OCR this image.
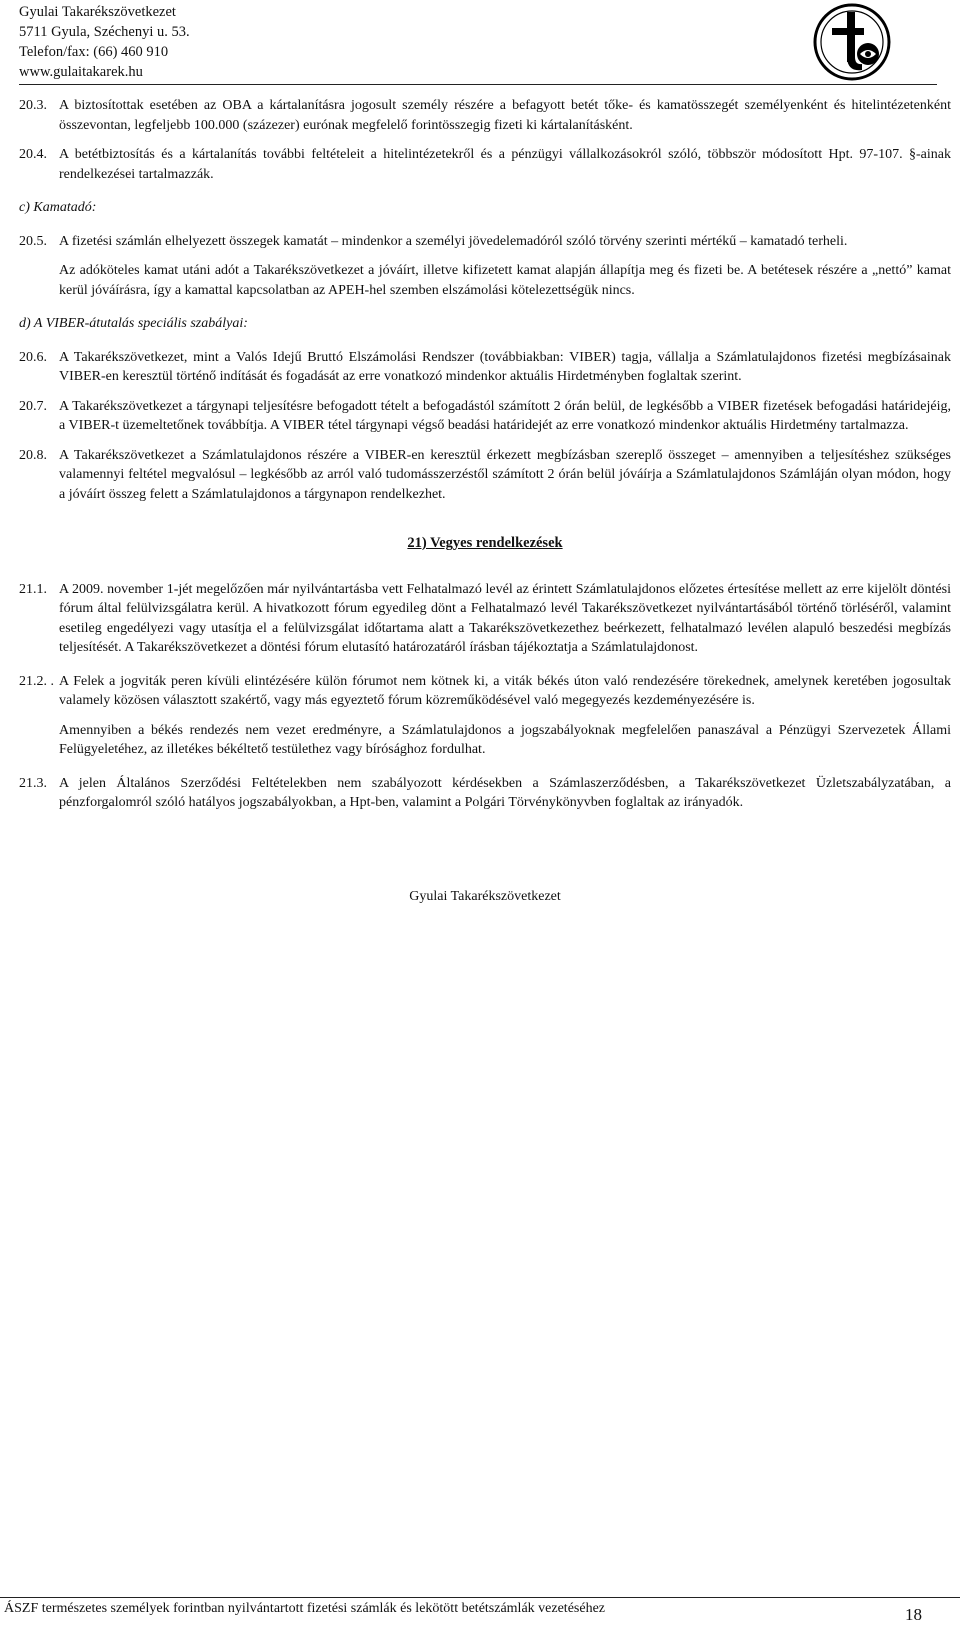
Gyulai Takarékszövetkezet
5711 Gyula, Széchenyi u. 53.
Telefon/fax: (66) 460 910
www.gulaitakarek.hu
20.3. A biztosítottak esetében az OBA a kártalanításra jogosult személy részére a befagyott betét tőke- és kamatösszegét személyenként és hitelintézetenként összevontan, legfeljebb 100.000 (százezer) eurónak megfelelő forintösszegig fizeti ki kártalanításként.
20.4. A betétbiztosítás és a kártalanítás további feltételeit a hitelintézetekről és a pénzügyi vállalkozásokról szóló, többször módosított Hpt. 97-107. §-ainak rendelkezései tartalmazzák.
c) Kamatadó:
20.5. A fizetési számlán elhelyezett összegek kamatát – mindenkor a személyi jövedelemadóról szóló törvény szerinti mértékű – kamatadó terheli.
Az adóköteles kamat utáni adót a Takarékszövetkezet a jóváírt, illetve kifizetett kamat alapján állapítja meg és fizeti be. A betétesek részére a „nettó” kamat kerül jóváírásra, így a kamattal kapcsolatban az APEH-hel szemben elszámolási kötelezettségük nincs.
d) A VIBER-átutalás speciális szabályai:
20.6. A Takarékszövetkezet, mint a Valós Idejű Bruttó Elszámolási Rendszer (továbbiakban: VIBER) tagja, vállalja a Számlatulajdonos fizetési megbízásainak VIBER-en keresztül történő indítását és fogadását az erre vonatkozó mindenkor aktuális Hirdetményben foglaltak szerint.
20.7. A Takarékszövetkezet a tárgynapi teljesítésre befogadott tételt a befogadástól számított 2 órán belül, de legkésőbb a VIBER fizetések befogadási határidejéig, a VIBER-t üzemeltetőnek továbbítja. A VIBER tétel tárgynapi végső beadási határidejét az erre vonatkozó mindenkor aktuális Hirdetmény tartalmazza.
20.8. A Takarékszövetkezet a Számlatulajdonos részére a VIBER-en keresztül érkezett megbízásban szereplő összeget – amennyiben a teljesítéshez szükséges valamennyi feltétel megvalósul – legkésőbb az arról való tudomásszerzéstől számított 2 órán belül jóváírja a Számlatulajdonos Számláján olyan módon, hogy a jóváírt összeg felett a Számlatulajdonos a tárgynapon rendelkezhet.
21) Vegyes rendelkezések
21.1. A 2009. november 1-jét megelőzően már nyilvántartásba vett Felhatalmazó levél az érintett Számlatulajdonos előzetes értesítése mellett az erre kijelölt döntési fórum által felülvizsgálatra kerül. A hivatkozott fórum egyedileg dönt a Felhatalmazó levél Takarékszövetkezet nyilvántartásából történő törléséről, valamint esetileg engedélyezi vagy utasítja el a felülvizsgálat időtartama alatt a Takarékszövetkezethez beérkezett, felhatalmazó levélen alapuló beszedési megbízás teljesítését. A Takarékszövetkezet a döntési fórum elutasító határozatáról írásban tájékoztatja a Számlatulajdonost.
21.2. . A Felek a jogviták peren kívüli elintézésére külön fórumot nem kötnek ki, a viták békés úton való rendezésére törekednek, amelynek keretében jogosultak valamely közösen választott szakértő, vagy más egyeztető fórum közreműködésével való megegyezés kezdeményezésére is.
Amennyiben a békés rendezés nem vezet eredményre, a Számlatulajdonos a jogszabályoknak megfelelően panaszával a Pénzügyi Szervezetek Állami Felügyeletéhez, az illetékes békéltető testülethez vagy bírósághoz fordulhat.
21.3. A jelen Általános Szerződési Feltételekben nem szabályozott kérdésekben a Számlaszerződésben, a Takarékszövetkezet Üzletszabályzatában, a pénzforgalomról szóló hatályos jogszabályokban, a Hpt-ben, valamint a Polgári Törvénykönyvben foglaltak az irányadók.
Gyulai Takarékszövetkezet
ÁSZF természetes személyek forintban nyilvántartott fizetési számlák és lekötött betétszámlák vezetéséhez	18
